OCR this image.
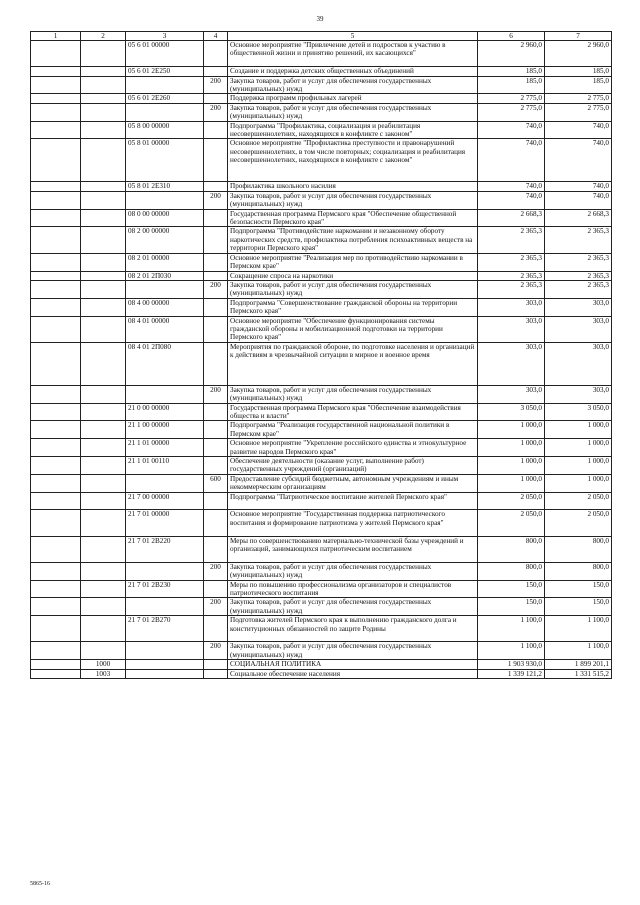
39
1	2	3	4	5	6	7
		05 6 01 00000		Основное мероприятие "Привлечение детей и подростков к участию в общественной жизни и принятию решений, их касающихся"	2 960,0	2 960,0
		05 6 01 2Е250		Создание и поддержка детских общественных объединений	185,0	185,0
			200	Закупка товаров, работ и услуг для обеспечения государственных (муниципальных) нужд	185,0	185,0
		05 6 01 2Е260		Поддержка программ профильных лагерей	2 775,0	2 775,0
			200	Закупка товаров, работ и услуг для обеспечения государственных (муниципальных) нужд	2 775,0	2 775,0
		05 8 00 00000		Подпрограмма "Профилактика, социализация и реабилитация несовершеннолетних, находящихся в конфликте с законом"	740,0	740,0
		05 8 01 00000		Основное мероприятие "Профилактика преступности и правонарушений несовершеннолетних, в том числе повторных; социализация и реабилитация несовершеннолетних, находящихся в конфликте с законом"	740,0	740,0
		05 8 01 2Е310		Профилактика школьного насилия	740,0	740,0
			200	Закупка товаров, работ и услуг для обеспечения государственных (муниципальных) нужд	740,0	740,0
		08 0 00 00000		Государственная программа Пермского края "Обеспечение общественной безопасности Пермского края"	2 668,3	2 668,3
		08 2 00 00000		Подпрограмма "Противодействие наркомании и незаконному обороту наркотических средств, профилактика потребления психоактивных веществ на территории Пермского края"	2 365,3	2 365,3
		08 2 01 00000		Основное мероприятие "Реализация мер по противодействию наркомании в Пермском крае"	2 365,3	2 365,3
		08 2 01 2П030		Сокращение спроса на наркотики	2 365,3	2 365,3
			200	Закупка товаров, работ и услуг для обеспечения государственных (муниципальных) нужд	2 365,3	2 365,3
		08 4 00 00000		Подпрограмма "Совершенствование гражданской обороны на территории Пермского края"	303,0	303,0
		08 4 01 00000		Основное мероприятие "Обеспечение функционирования системы гражданской обороны и мобилизационной подготовки на территории Пермского края"	303,0	303,0
		08 4 01 2П080		Мероприятия по гражданской обороне, по подготовке населения и организаций к действиям в чрезвычайной ситуации в мирное и военное время	303,0	303,0
			200	Закупка товаров, работ и услуг для обеспечения государственных (муниципальных) нужд	303,0	303,0
		21 0 00 00000		Государственная программа Пермского края "Обеспечение взаимодействия общества и власти"	3 050,0	3 050,0
		21 1 00 00000		Подпрограмма "Реализация государственной национальной политики в Пермском крае"	1 000,0	1 000,0
		21 1 01 00000		Основное мероприятие "Укрепление российского единства и этнокультурное развитие народов Пермского края"	1 000,0	1 000,0
		21 1 01 00110		Обеспечение деятельности (оказание услуг, выполнение работ) государственных учреждений (организаций)	1 000,0	1 000,0
			600	Предоставление субсидий бюджетным, автономным учреждениям и иным некоммерческим организациям	1 000,0	1 000,0
		21 7 00 00000		Подпрограмма "Патриотическое воспитание жителей Пермского края"	2 050,0	2 050,0
		21 7 01 00000		Основное мероприятие "Государственная поддержка патриотического воспитания и формирование патриотизма у жителей Пермского края"	2 050,0	2 050,0
		21 7 01 2В220		Меры по совершенствованию материально-технической базы учреждений и организаций, занимающихся патриотическим воспитанием	800,0	800,0
			200	Закупка товаров, работ и услуг для обеспечения государственных (муниципальных) нужд	800,0	800,0
		21 7 01 2В230		Меры по повышению профессионализма организаторов и специалистов патриотического воспитания	150,0	150,0
			200	Закупка товаров, работ и услуг для обеспечения государственных (муниципальных) нужд	150,0	150,0
		21 7 01 2В270		Подготовка жителей Пермского края к выполнению гражданского долга и конституционных обязанностей по защите Родины	1 100,0	1 100,0
			200	Закупка товаров, работ и услуг для обеспечения государственных (муниципальных) нужд	1 100,0	1 100,0
	1000			СОЦИАЛЬНАЯ ПОЛИТИКА	1 903 930,0	1 899 201,1
	1003			Социальное обеспечение населения	1 339 121,2	1 331 515,2
5865-16
